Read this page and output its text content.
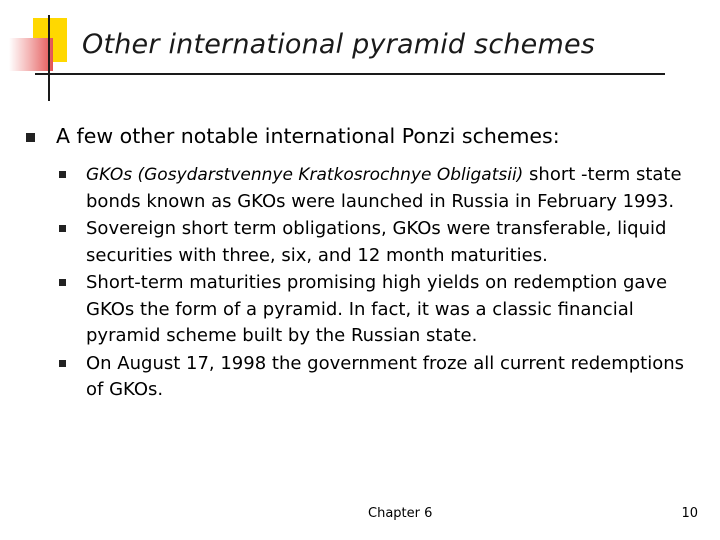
Other international pyramid schemes
A few other notable international Ponzi schemes:
GKOs (Gosydarstvennye Kratkosrochnye Obligatsii) short -term state bonds known as GKOs were launched in Russia in February 1993.
Sovereign short term obligations, GKOs were transferable, liquid securities with three, six, and 12 month maturities.
Short-term maturities promising high yields on redemption gave GKOs the form of a pyramid. In fact, it was a classic financial pyramid scheme built by the Russian state.
On August 17, 1998 the government froze all current redemptions of GKOs.
Chapter 6	10
